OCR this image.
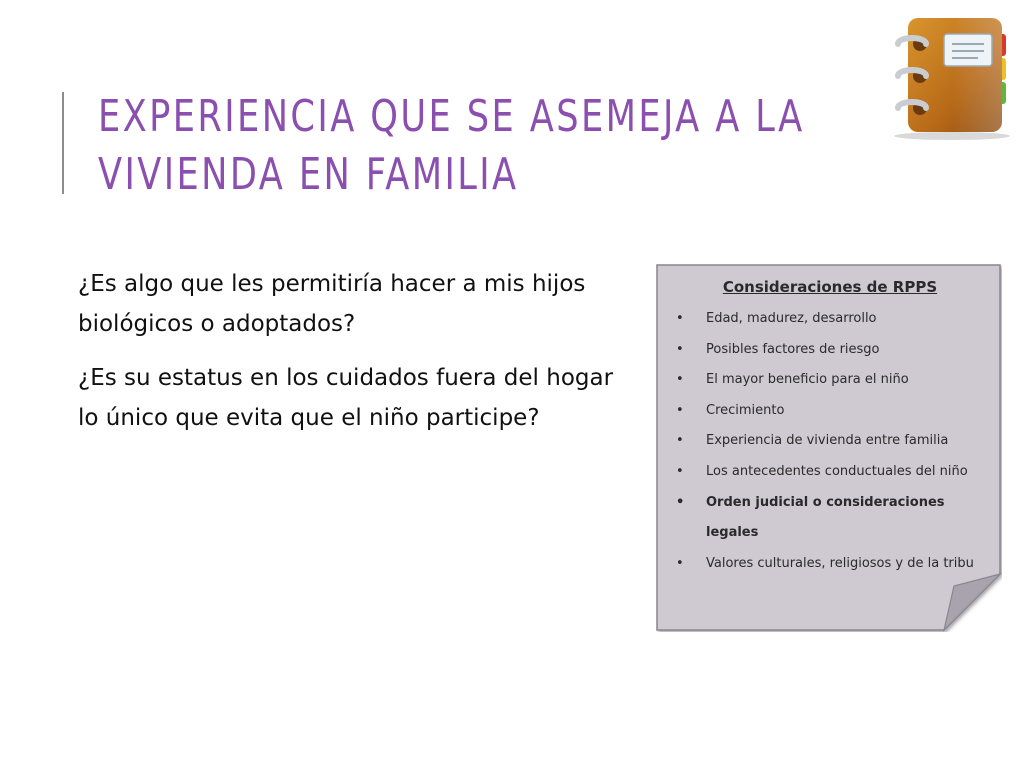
EXPERIENCIA QUE SE ASEMEJA A LA
VIVIENDA EN FAMILIA

¿Es algo que les permitiría hacer a mis hijos biológicos o adoptados?

¿Es su estatus en los cuidados fuera del hogar lo único que evita que el niño participe?

Consideraciones de RPPS
• Edad, madurez, desarrollo
• Posibles factores de riesgo
• El mayor beneficio para el niño
• Crecimiento
• Experiencia de vivienda entre familia
• Los antecedentes conductuales del niño
• Orden judicial o consideraciones legales
• Valores culturales, religiosos y de la tribu
